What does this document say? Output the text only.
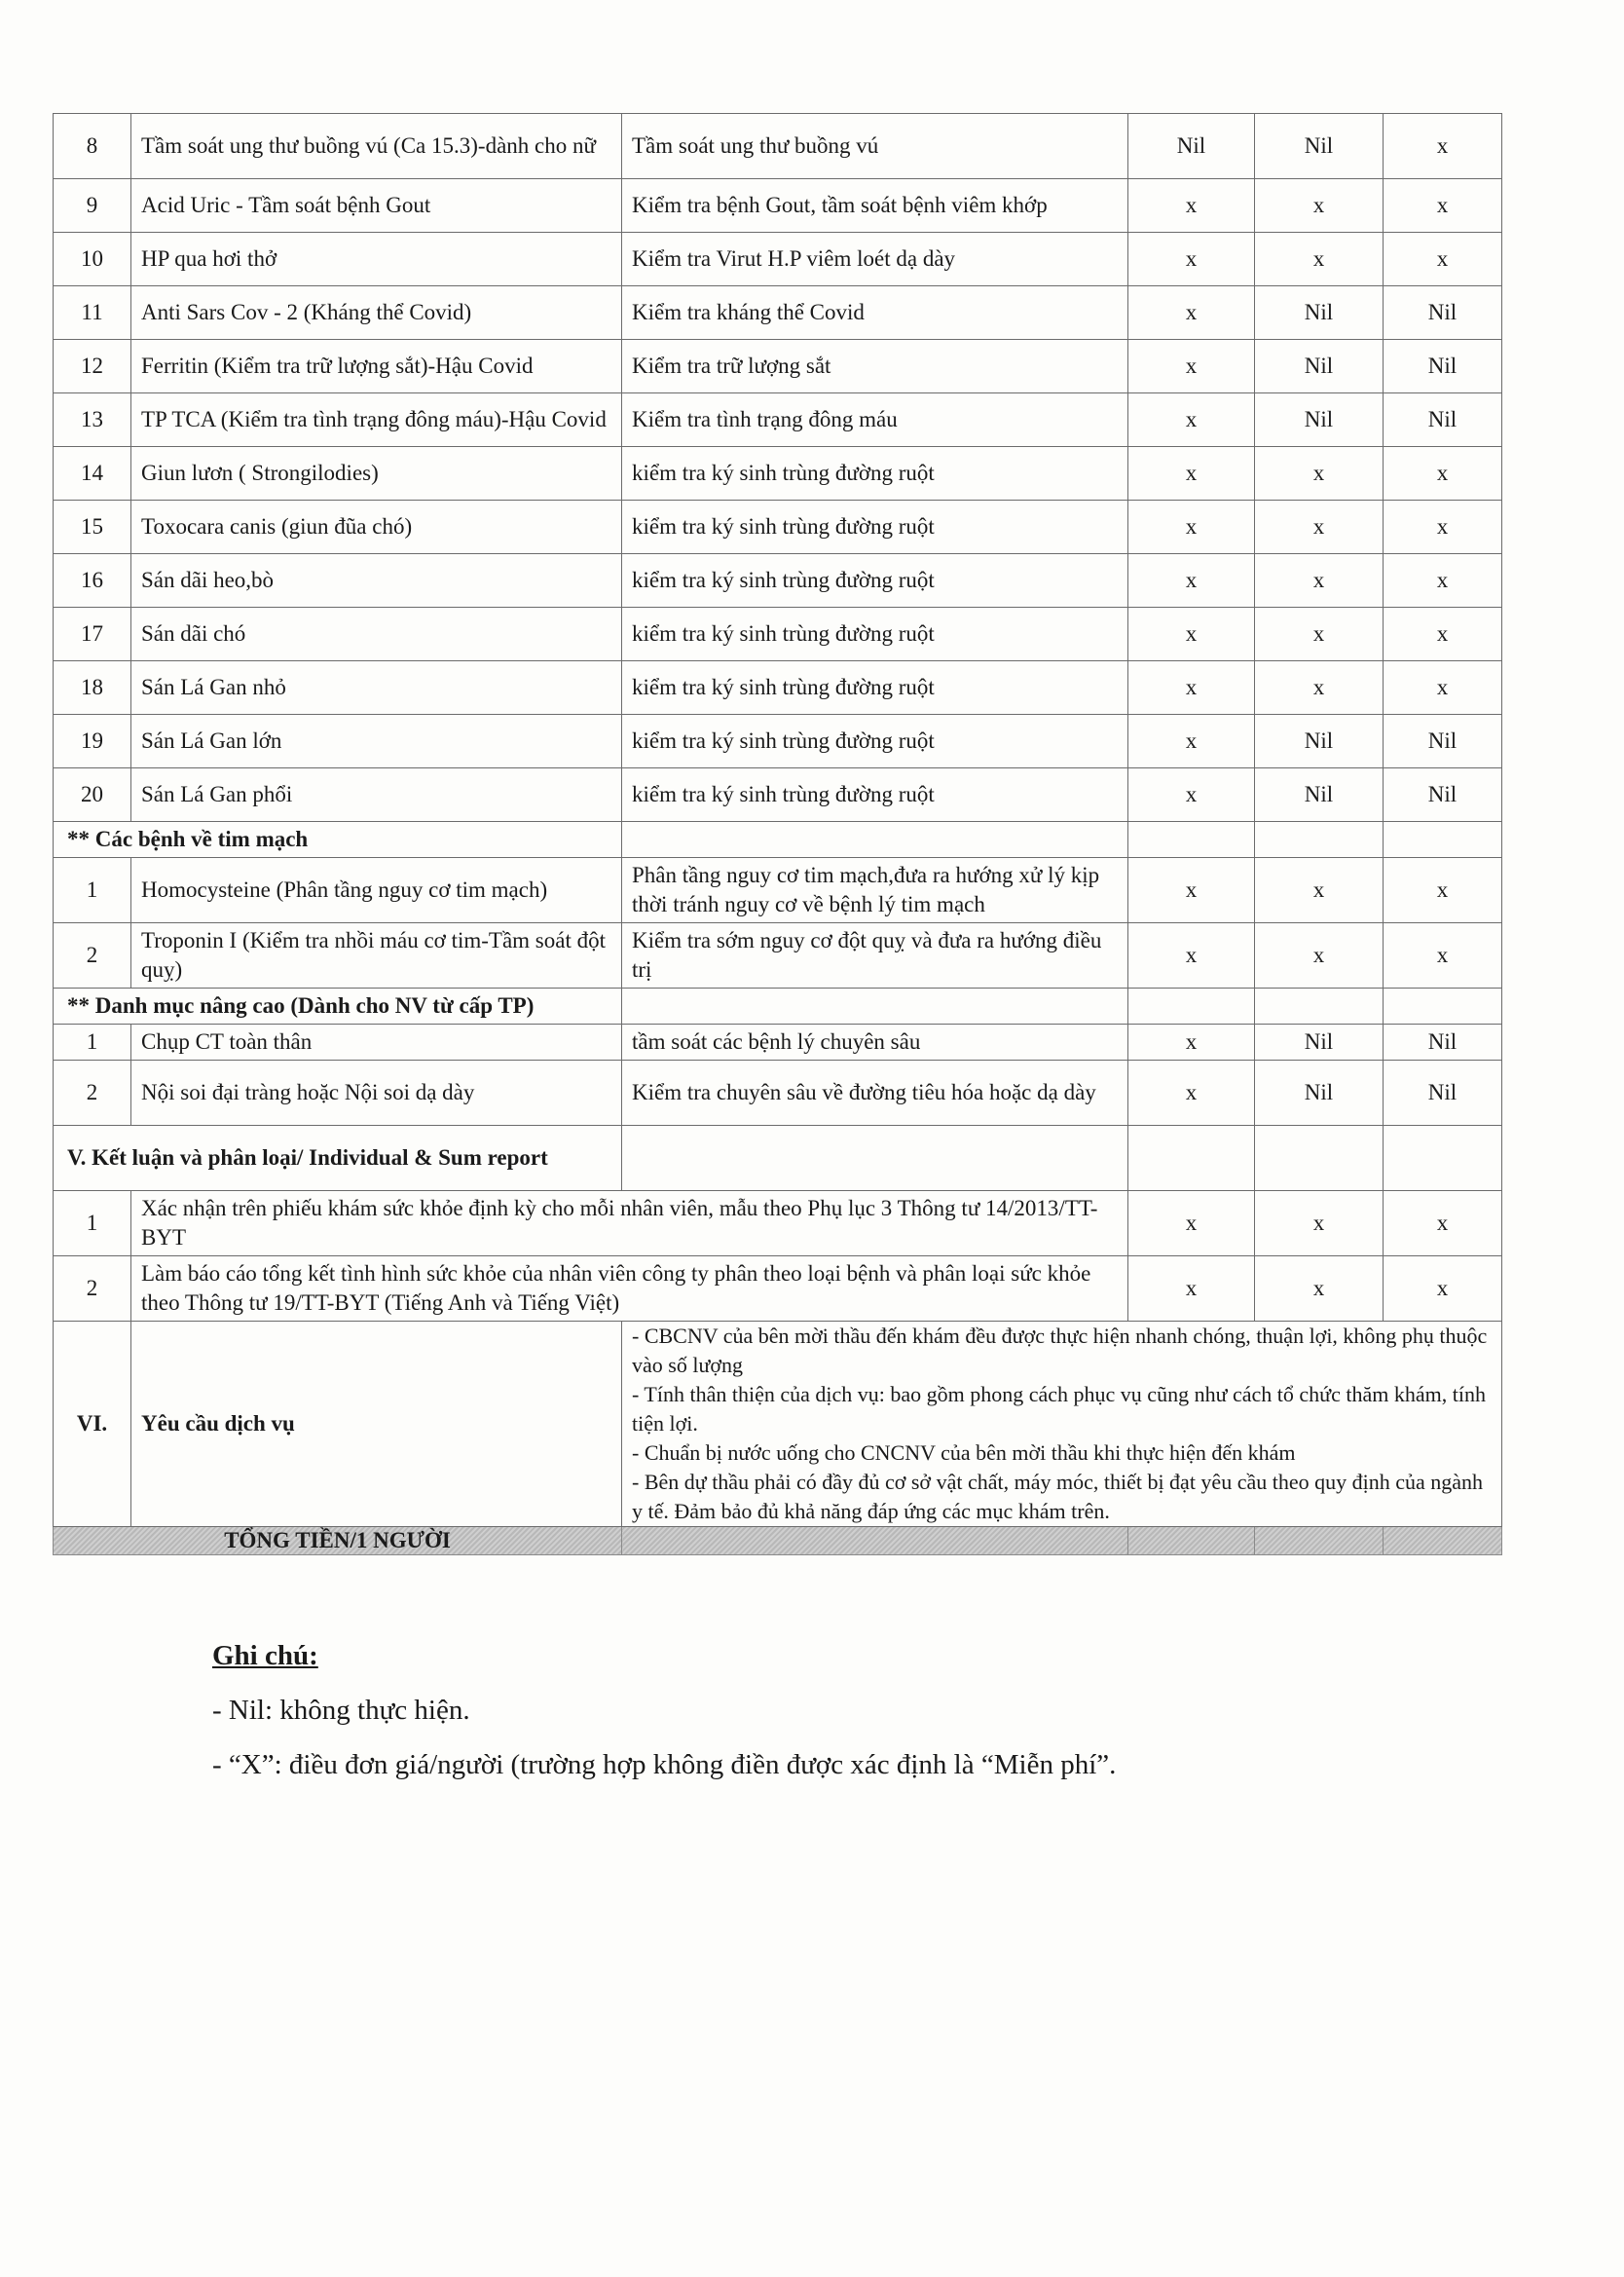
8	Tầm soát ung thư buồng vú (Ca 15.3)-dành cho nữ	Tầm soát ung thư buồng vú	Nil	Nil	x
9	Acid Uric - Tầm soát bệnh Gout	Kiểm tra bệnh Gout, tầm soát bệnh viêm khớp	x	x	x
10	HP qua hơi thở	Kiểm tra Virut H.P viêm loét dạ dày	x	x	x
11	Anti Sars Cov - 2 (Kháng thể Covid)	Kiểm tra kháng thể Covid	x	Nil	Nil
12	Ferritin (Kiểm tra trữ lượng sắt)-Hậu Covid	Kiểm tra trữ lượng sắt	x	Nil	Nil
13	TP TCA (Kiểm tra tình trạng đông máu)-Hậu Covid	Kiểm tra tình trạng đông máu	x	Nil	Nil
14	Giun lươn ( Strongilodies)	kiểm tra ký sinh trùng đường ruột	x	x	x
15	Toxocara canis (giun đũa chó)	kiểm tra ký sinh trùng đường ruột	x	x	x
16	Sán dãi heo,bò	kiểm tra ký sinh trùng đường ruột	x	x	x
17	Sán dãi chó	kiểm tra ký sinh trùng đường ruột	x	x	x
18	Sán Lá Gan nhỏ	kiểm tra ký sinh trùng đường ruột	x	x	x
19	Sán Lá Gan lớn	kiểm tra ký sinh trùng đường ruột	x	Nil	Nil
20	Sán Lá Gan phổi	kiểm tra ký sinh trùng đường ruột	x	Nil	Nil
** Các bệnh về tim mạch					
1	Homocysteine (Phân tầng nguy cơ tim mạch)	Phân tầng nguy cơ tim mạch,đưa ra hướng xử lý kịp thời tránh nguy cơ về bệnh lý tim mạch	x	x	x
2	Troponin I (Kiểm tra nhồi máu cơ tim-Tầm soát đột quỵ)	Kiểm tra sớm nguy cơ đột quỵ và đưa ra hướng điều trị	x	x	x
** Danh mục nâng cao (Dành cho NV từ cấp TP)					
1	Chụp CT toàn thân	tầm soát các bệnh lý chuyên sâu	x	Nil	Nil
2	Nội soi đại tràng hoặc Nội soi dạ dày	Kiểm tra chuyên sâu về đường tiêu hóa hoặc dạ dày	x	Nil	Nil
V. Kết luận và phân loại/ Individual & Sum report					
1	Xác nhận trên phiếu khám sức khỏe định kỳ cho mỗi nhân viên, mẫu theo Phụ lục 3 Thông tư 14/2013/TT-BYT		x	x	x
2	Làm báo cáo tổng kết tình hình sức khỏe của nhân viên công ty phân theo loại bệnh và phân loại sức khỏe theo Thông tư 19/TT-BYT (Tiếng Anh và Tiếng Việt)		x	x	x
VI.	Yêu cầu dịch vụ	- CBCNV của bên mời thầu đến khám đều được thực hiện nhanh chóng, thuận lợi, không phụ thuộc vào số lượng
- Tính thân thiện của dịch vụ: bao gồm phong cách phục vụ cũng như cách tổ chức thăm khám, tính tiện lợi.
- Chuẩn bị nước uống cho CNCNV của bên mời thầu khi thực hiện đến khám
- Bên dự thầu phải có đầy đủ cơ sở vật chất, máy móc, thiết bị đạt yêu cầu theo quy định của ngành y tế. Đảm bảo đủ khả năng đáp ứng các mục khám trên.			

TỔNG TIỀN/1 NGƯỜI					
Ghi chú:
- Nil: không thực hiện.
- “X”: điều đơn giá/người (trường hợp không điền được xác định là “Miễn phí”.
